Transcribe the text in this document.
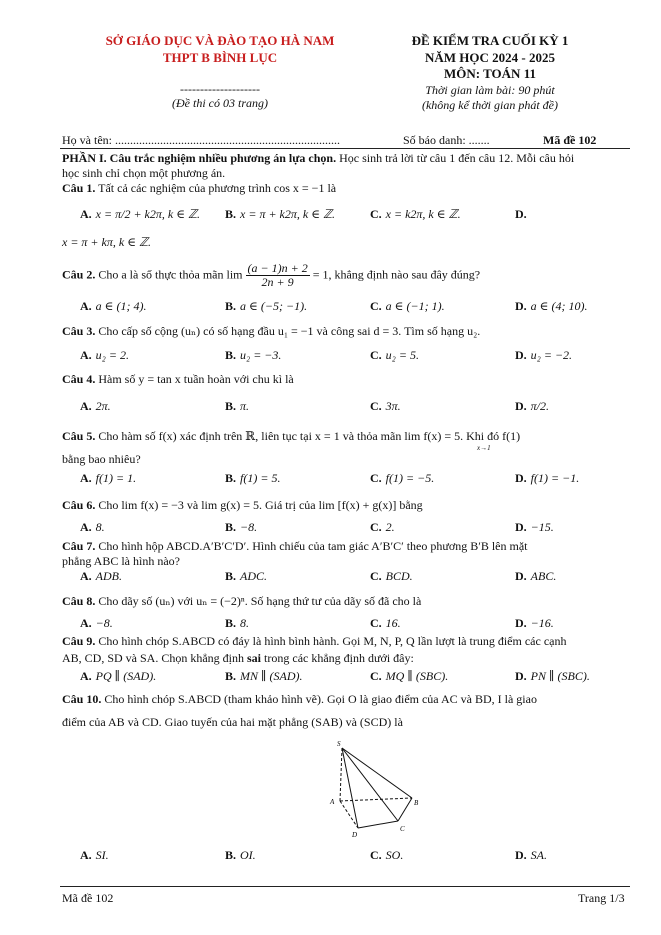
SỞ GIÁO DỤC VÀ ĐÀO TẠO HÀ NAM
THPT B BÌNH LỤC
--------------------
(Đề thi có 03 trang)
ĐỀ KIỂM TRA CUỐI KỲ 1
NĂM HỌC 2024 - 2025
MÔN: TOÁN 11
Thời gian làm bài: 90 phút
(không kể thời gian phát đề)
Họ và tên: ...........................................................................	Số báo danh: .......	Mã đề 102
PHẦN I. Câu trắc nghiệm nhiều phương án lựa chọn. Học sinh trả lời từ câu 1 đến câu 12. Mỗi câu hỏi
học sinh chỉ chọn một phương án.
Câu 1. Tất cả các nghiệm của phương trình cos x = −1 là
A. x = π/2 + k2π, k ∈ ℤ. B. x = π + k2π, k ∈ ℤ.	C. x = k2π, k ∈ ℤ.	D.
x = π + kπ, k ∈ ℤ.
Câu 2. Cho a là số thực thỏa mãn $\lim \frac{(a - 1)n + 2}{2n + 9} = 1$, khẳng định nào sau đây đúng?
A. a ∈ (1; 4).	B. a ∈ (−5; −1).	C. a ∈ (−1; 1).	D. a ∈ (4; 10).
Câu 3. Cho cấp số cộng (uₙ) có số hạng đầu u₁ = −1 và công sai d = 3. Tìm số hạng u₂.
A. u₂ = 2.	B. u₂ = −3.	C. u₂ = 5.	D. u₂ = −2.
Câu 4. Hàm số y = tan x tuần hoàn với chu kì là
A. 2π.	B. π.	C. 3π.	D. π/2.
Câu 5. Cho hàm số f(x) xác định trên ℝ, liên tục tại x = 1 và thỏa mãn lim f(x) = 5. Khi đó f(1)
x→1
bằng bao nhiêu?
A. f(1) = 1.	B. f(1) = 5.	C. f(1) = −5.	D. f(1) = −1.
Câu 6. Cho lim f(x) = −3 và lim g(x) = 5. Giá trị của lim [f(x) + g(x)] bằng
A. 8.	B. −8.	C. 2.	D. −15.
Câu 7. Cho hình hộp ABCD.A′B′C′D′. Hình chiếu của tam giác A′B′C′ theo phương B′B lên mặt
phẳng ABC là hình nào?
A. ADB.	B. ADC.	C. BCD.	D. ABC.
Câu 8. Cho dãy số (uₙ) với uₙ = (−2)ⁿ. Số hạng thứ tư của dãy số đã cho là
A. −8.	B. 8.	C. 16.	D. −16.
Câu 9. Cho hình chóp S.ABCD có đáy là hình bình hành. Gọi M, N, P, Q lần lượt là trung điểm các cạnh
AB, CD, SD và SA. Chọn khẳng định sai trong các khẳng định dưới đây:
A. PQ ∥ (SAD).	B. MN ∥ (SAD).	C. MQ ∥ (SBC).	D. PN ∥ (SBC).
Câu 10. Cho hình chóp S.ABCD (tham khảo hình vẽ). Gọi O là giao điểm của AC và BD, I là giao
điểm của AB và CD. Giao tuyến của hai mặt phẳng (SAB) và (SCD) là
S
A	B
C
D
A. SI.	B. OI.	C. SO.	D. SA.
Mã đề 102	Trang 1/3
